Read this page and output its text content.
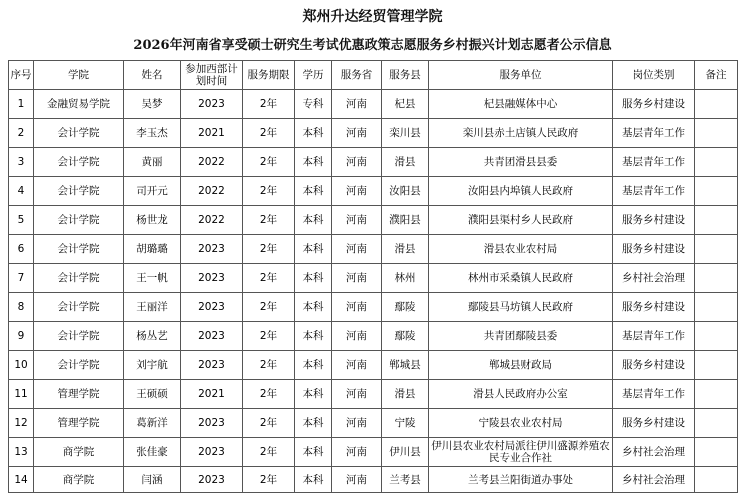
郑州升达经贸管理学院
2026年河南省享受硕士研究生考试优惠政策志愿服务乡村振兴计划志愿者公示信息
序号	学院	姓名	参加西部计划时间	服务期限	学历	服务省	服务县	服务单位	岗位类别	备注
1	金融贸易学院	吴梦	2023	2年	专科	河南	杞县	杞县融媒体中心	服务乡村建设	
2	会计学院	李玉杰	2021	2年	本科	河南	栾川县	栾川县赤土店镇人民政府	基层青年工作	
3	会计学院	黄丽	2022	2年	本科	河南	滑县	共青团滑县县委	基层青年工作	
4	会计学院	司开元	2022	2年	本科	河南	汝阳县	汝阳县内埠镇人民政府	基层青年工作	
5	会计学院	杨世龙	2022	2年	本科	河南	濮阳县	濮阳县渠村乡人民政府	服务乡村建设	
6	会计学院	胡璐璐	2023	2年	本科	河南	滑县	滑县农业农村局	服务乡村建设	
7	会计学院	王一帆	2023	2年	本科	河南	林州	林州市采桑镇人民政府	乡村社会治理	
8	会计学院	王丽洋	2023	2年	本科	河南	鄢陵	鄢陵县马坊镇人民政府	服务乡村建设	
9	会计学院	杨丛艺	2023	2年	本科	河南	鄢陵	共青团鄢陵县委	基层青年工作	
10	会计学院	刘宇航	2023	2年	本科	河南	郸城县	郸城县财政局	服务乡村建设	
11	管理学院	王硕硕	2021	2年	本科	河南	滑县	滑县人民政府办公室	基层青年工作	
12	管理学院	葛新洋	2023	2年	本科	河南	宁陵	宁陵县农业农村局	服务乡村建设	
13	商学院	张佳豪	2023	2年	本科	河南	伊川县	伊川县农业农村局派往伊川盛源养殖农民专业合作社	乡村社会治理	
14	商学院	闫涵	2023	2年	本科	河南	兰考县	兰考县兰阳街道办事处	乡村社会治理	
